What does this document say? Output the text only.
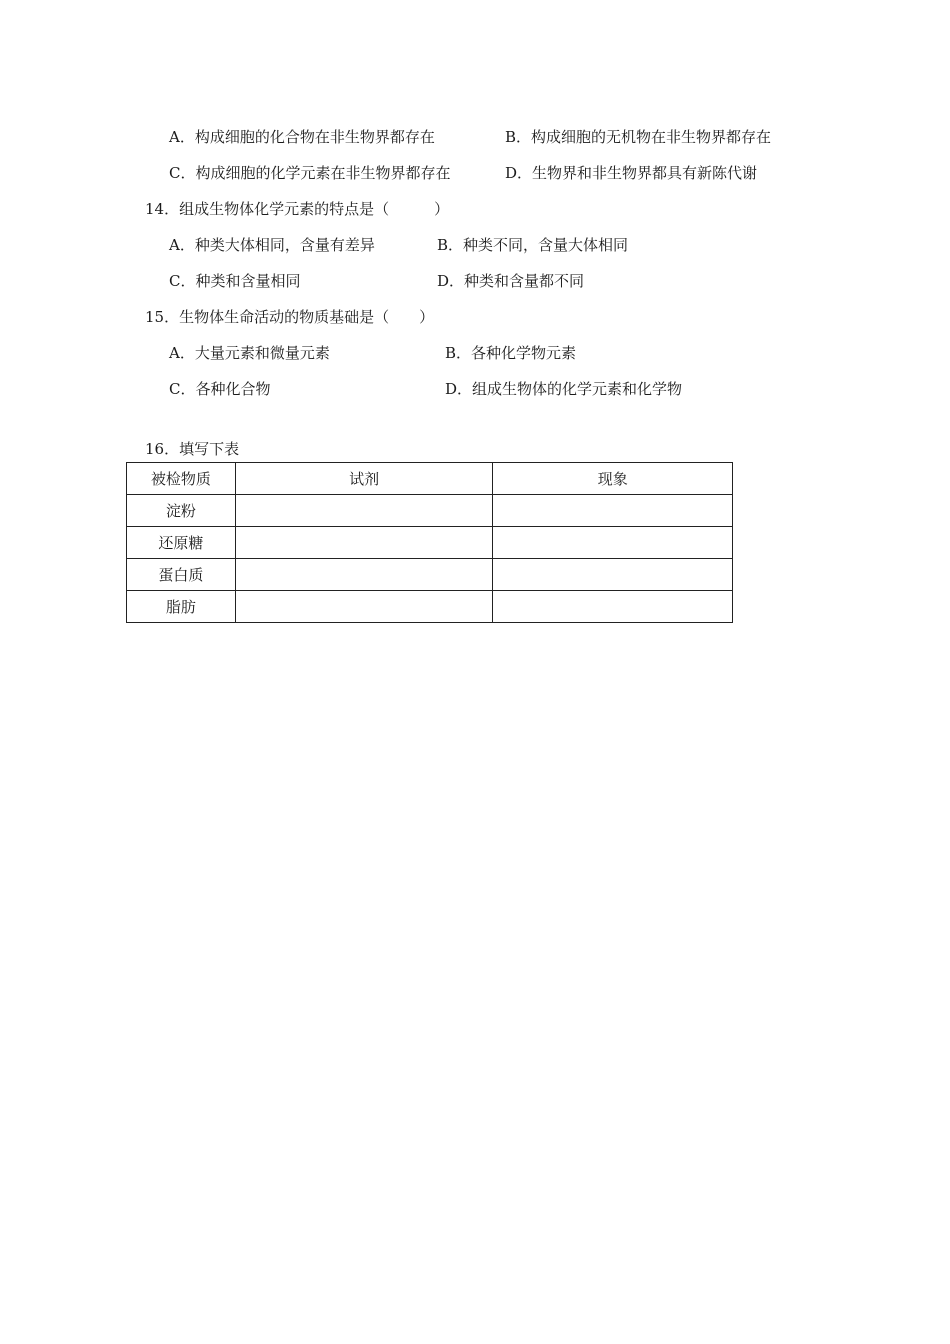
A．构成细胞的化合物在非生物界都存在	B．构成细胞的无机物在非生物界都存在
C．构成细胞的化学元素在非生物界都存在	D．生物界和非生物界都具有新陈代谢
14．组成生物体化学元素的特点是（　　　）
A．种类大体相同，含量有差异	B．种类不同，含量大体相同
C．种类和含量相同	D．种类和含量都不同
15．生物体生命活动的物质基础是（　　）
A．大量元素和微量元素	B．各种化学物元素
C．各种化合物	D．组成生物体的化学元素和化学物
16．填写下表
被检物质	试剂	现象
淀粉		
还原糖		
蛋白质		
脂肪		
